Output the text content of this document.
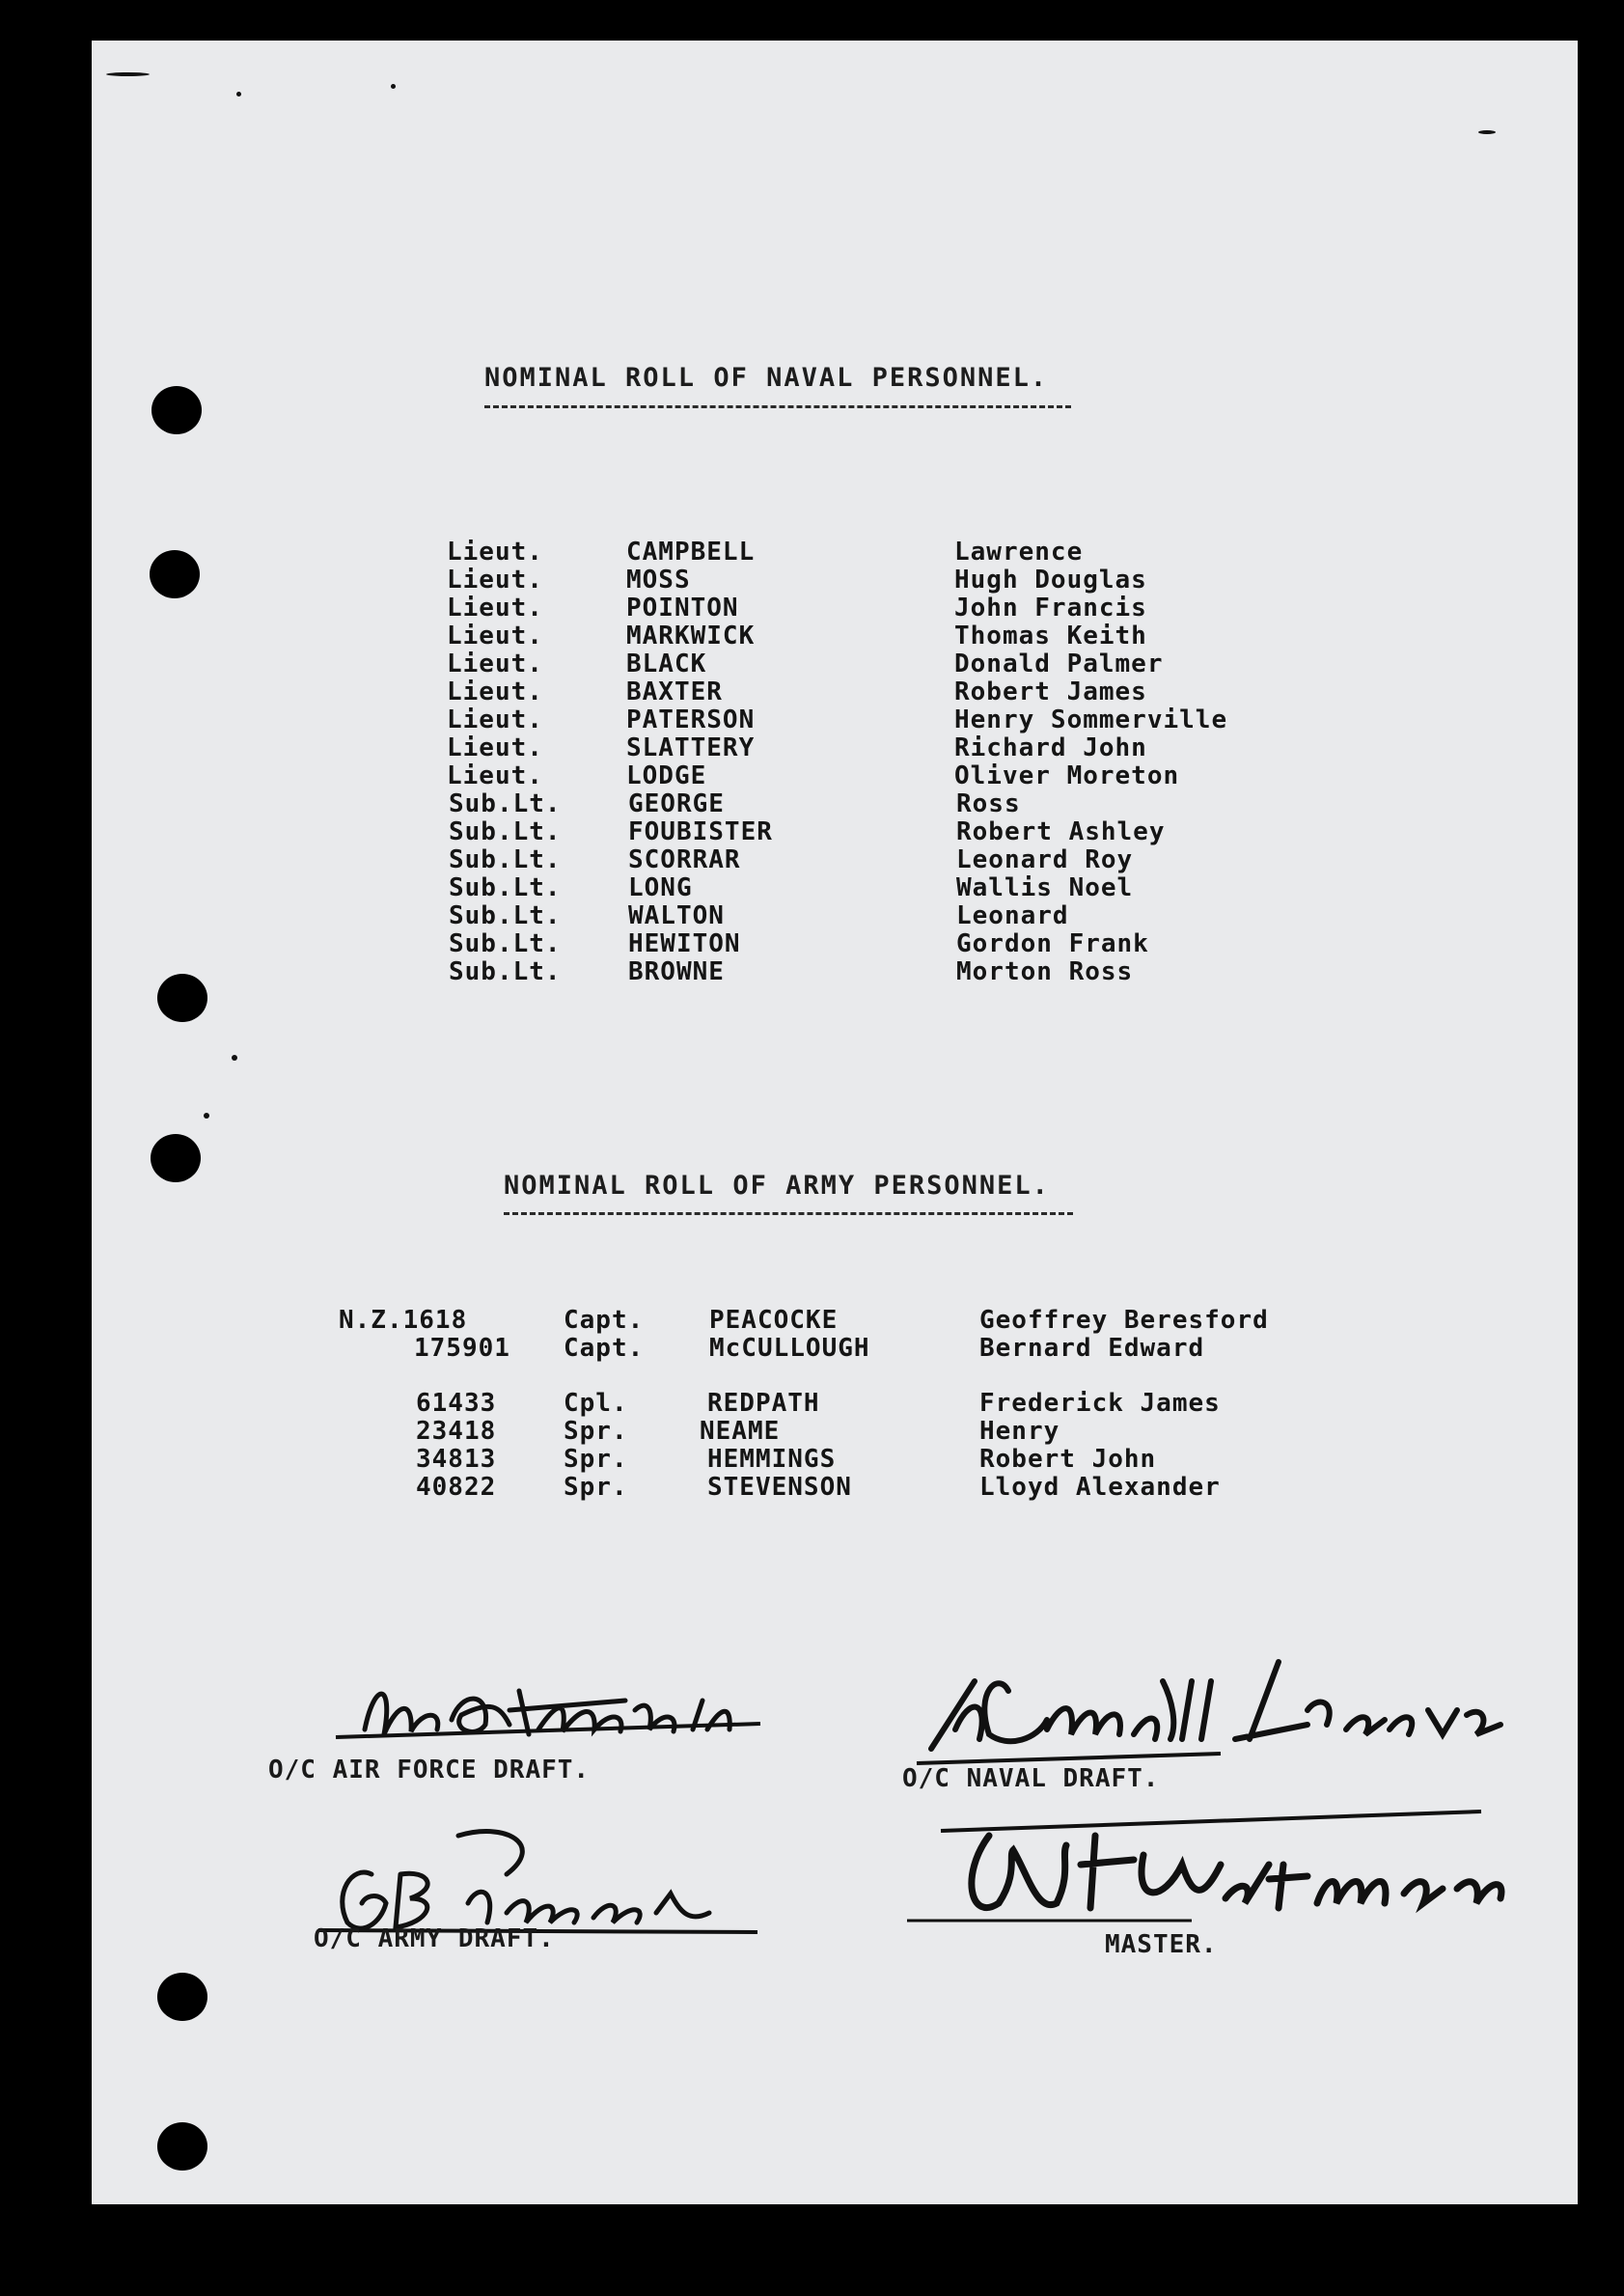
NOMINAL ROLL OF NAVAL PERSONNEL.
Lieut.	CAMPBELL	Lawrence
Lieut.	MOSS	Hugh Douglas
Lieut.	POINTON	John Francis
Lieut.	MARKWICK	Thomas Keith
Lieut.	BLACK	Donald Palmer
Lieut.	BAXTER	Robert James
Lieut.	PATERSON	Henry Sommerville
Lieut.	SLATTERY	Richard John
Lieut.	LODGE	Oliver Moreton
Sub.Lt.	GEORGE	Ross
Sub.Lt.	FOUBISTER	Robert Ashley
Sub.Lt.	SCORRAR	Leonard Roy
Sub.Lt.	LONG	Wallis Noel
Sub.Lt.	WALTON	Leonard
Sub.Lt.	HEWITON	Gordon Frank
Sub.Lt.	BROWNE	Morton Ross
NOMINAL ROLL OF ARMY PERSONNEL.
N.Z.1618	Capt.	PEACOCKE	Geoffrey Beresford
175901 Capt.	McCULLOUGH	Bernard Edward
61433	Cpl.	REDPATH	Frederick James
23418	Spr.	NEAME	Henry
34813	Spr.	HEMMINGS	Robert John
40822	Spr.	STEVENSON	Lloyd Alexander
O/C AIR FORCE DRAFT.	O/C NAVAL DRAFT.
O/C ARMY DRAFT.	MASTER.
